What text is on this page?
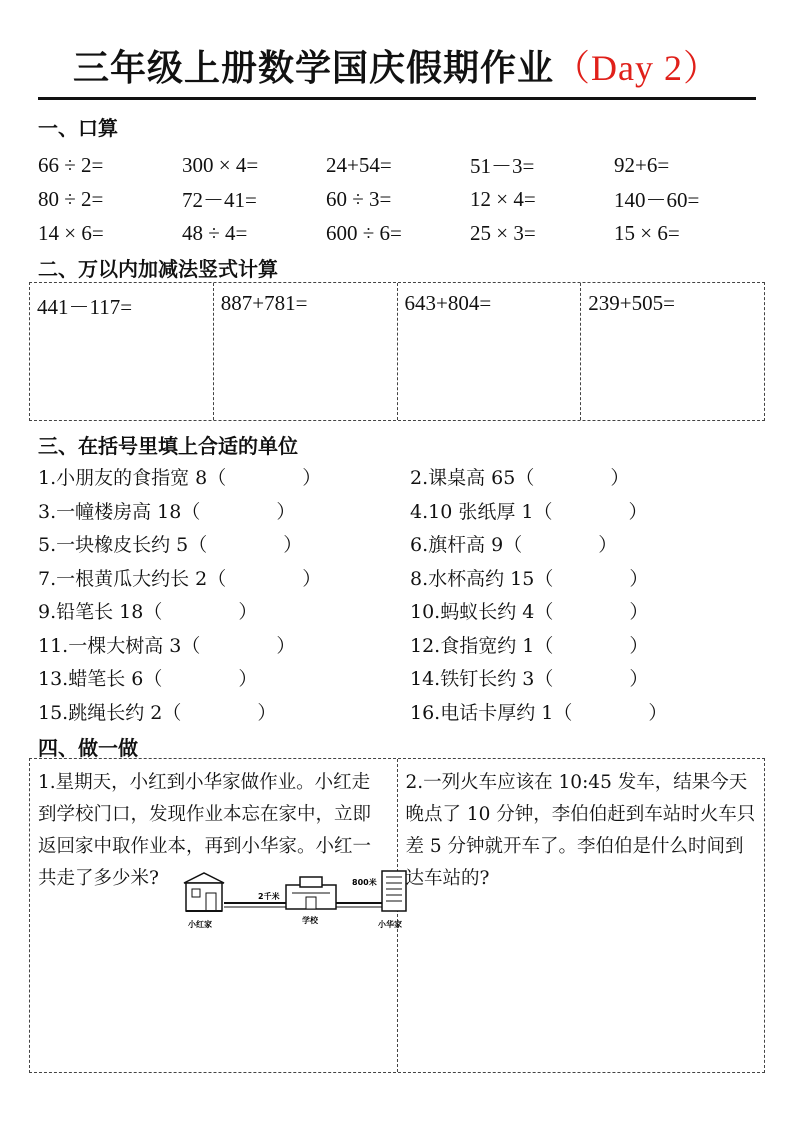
三年级上册数学国庆假期作业（Day 2）
一、口算
66 ÷ 2=	300 × 4=	24+54=	51－3=	92+6=
80 ÷ 2=	72－41=	60 ÷ 3=	12 × 4=	140－60=
14 × 6=	48 ÷ 4=	600 ÷ 6=	25 × 3=	15 × 6=
二、万以内加减法竖式计算
441－117=	887+781=	643+804=	239+505=
三、在括号里填上合适的单位
1.小朋友的食指宽 8（　　　　）	2.课桌高 65（　　　　）
3.一幢楼房高 18（　　　　）	4.10 张纸厚 1（　　　　）
5.一块橡皮长约 5（　　　　）	6.旗杆高 9（　　　　）
7.一根黄瓜大约长 2（　　　　）	8.水杯高约 15（　　　　）
9.铅笔长 18（　　　　）	10.蚂蚁长约 4（　　　　）
11.一棵大树高 3（　　　　）	12.食指宽约 1（　　　　）
13.蜡笔长 6（　　　　）	14.铁钉长约 3（　　　　）
15.跳绳长约 2（　　　　）	16.电话卡厚约 1（　　　　）
四、做一做
1.星期天，小红到小华家做作业。小红走到学校门口，发现作业本忘在家中，立即返回家中取作业本，再到小华家。小红一共走了多少米?
2千米
800米
小红家	学校	小华家
2.一列火车应该在 10:45 发车，结果今天晚点了 10 分钟，李伯伯赶到车站时火车只差 5 分钟就开车了。李伯伯是什么时间到达车站的?
